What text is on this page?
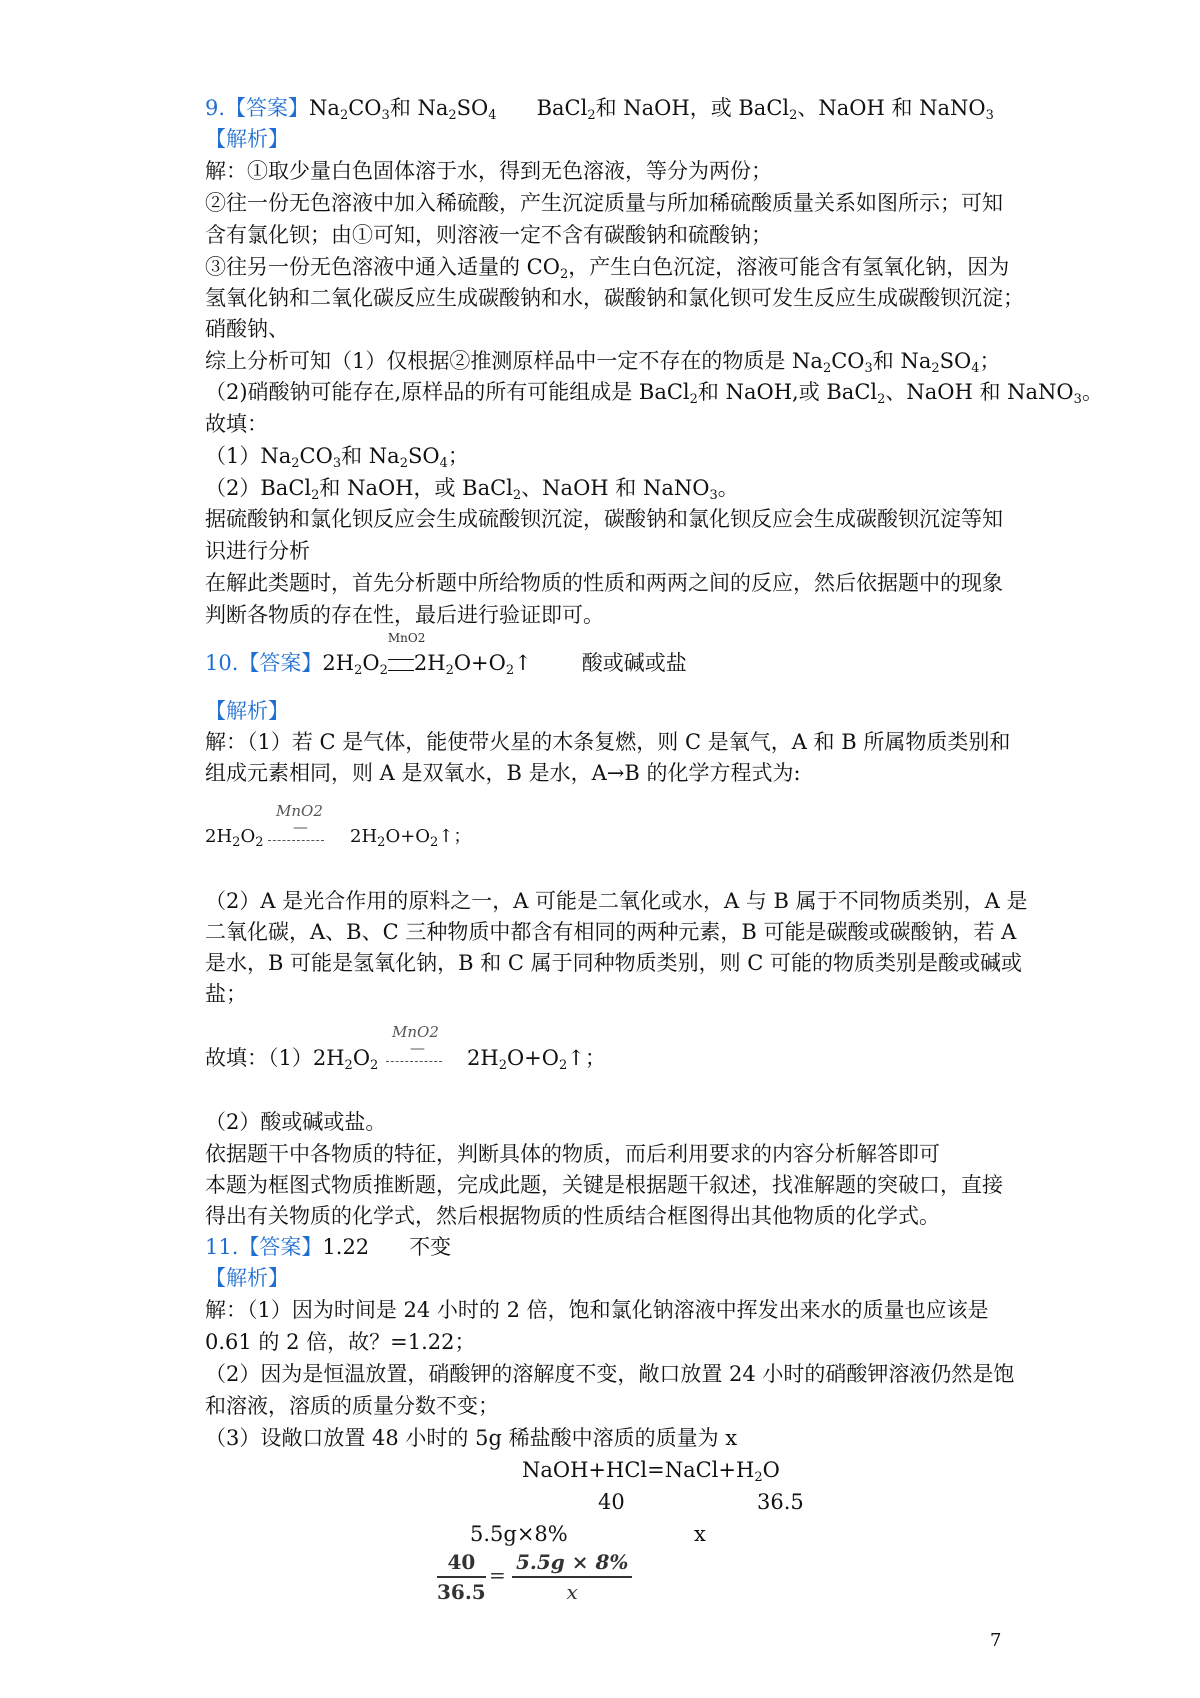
9.【答案】$Na_2CO_3$和 $Na_2SO_4$ BaCl$_2$和 NaOH，或 BaCl$_2$、NaOH 和 NaNO$_3$
【解析】
解：①取少量白色固体溶于水，得到无色溶液，等分为两份；
②往一份无色溶液中加入稀硫酸，产生沉淀质量与所加稀硫酸质量关系如图所示；可知
含有氯化钡；由①可知，则溶液一定不含有碳酸钠和硫酸钠；
③往另一份无色溶液中通入适量的 $CO_2$，产生白色沉淀，溶液可能含有氢氧化钠，因为
氢氧化钠和二氧化碳反应生成碳酸钠和水，碳酸钠和氯化钡可发生反应生成碳酸钡沉淀；
硝酸钠、
综上分析可知（1）仅根据②推测原样品中一定不存在的物质是 $Na_2CO_3$和 $Na_2SO_4$；
（2)硝酸钠可能存在,原样品的所有可能组成是 BaCl$_2$和 NaOH,或 BaCl$_2$、NaOH 和 NaNO$_3$。
故填：
$(1)Na_2CO_3$和 $Na_2SO_4$；
（2）BaCl$_2$和 NaOH，或 BaCl$_2$、NaOH 和 NaNO$_3$。
据硫酸钠和氯化钡反应会生成硫酸钡沉淀，碳酸钠和氯化钡反应会生成碳酸钡沉淀等知
识进行分析
在解此类题时，首先分析题中所给物质的性质和两两之间的反应，然后依据题中的现象
判断各物质的存在性，最后进行验证即可。
10.【答案】$2H_2O_2$
MnO2
$2H_2O+O_2↑$ 酸或碱或盐
【解析】
解：（1）若 C 是气体，能使带火星的木条复燃，则 C 是氧气，A 和 B 所属物质类别和
组成元素相同，则 A 是双氧水，B 是水，A→B 的化学方程式为:
$2H_2O_2$
MnO2
— $2H_2O+O_2↑$；
（2）A 是光合作用的原料之一，A 可能是二氧化或水，A 与 B 属于不同物质类别，A 是
二氧化碳，A、B、C 三种物质中都含有相同的两种元素，B 可能是碳酸或碳酸钠，若 A
是水，B 可能是氢氧化钠，B 和 C 属于同种物质类别，则 C 可能的物质类别是酸或碱或
盐；
故填：$(1)2H_2O_2$
MnO2
— $2H_2O+O_2↑$；
（2）酸或碱或盐。
依据题干中各物质的特征，判断具体的物质，而后利用要求的内容分析解答即可
本题为框图式物质推断题，完成此题，关键是根据题干叙述，找准解题的突破口，直接
得出有关物质的化学式，然后根据物质的性质结合框图得出其他物质的化学式。
11.【答案】1.22 不变
【解析】
解：（1）因为时间是 24 小时的 2 倍，饱和氯化钠溶液中挥发出来水的质量也应该是
0.61 的 2 倍，故？=1.22；
（2）因为是恒温放置，硝酸钾的溶解度不变，敞口放置 24 小时的硝酸钾溶液仍然是饱
和溶液，溶质的质量分数不变；
（3）设敞口放置 48 小时的 5g 稀盐酸中溶质的质量为 x
$NaOH+HCl=NaCl+H_2O$
40	36.5
5.5g×8%	x
$\frac{40}{36.5} = \frac{5.5g \times 8\%}{x}$
7
